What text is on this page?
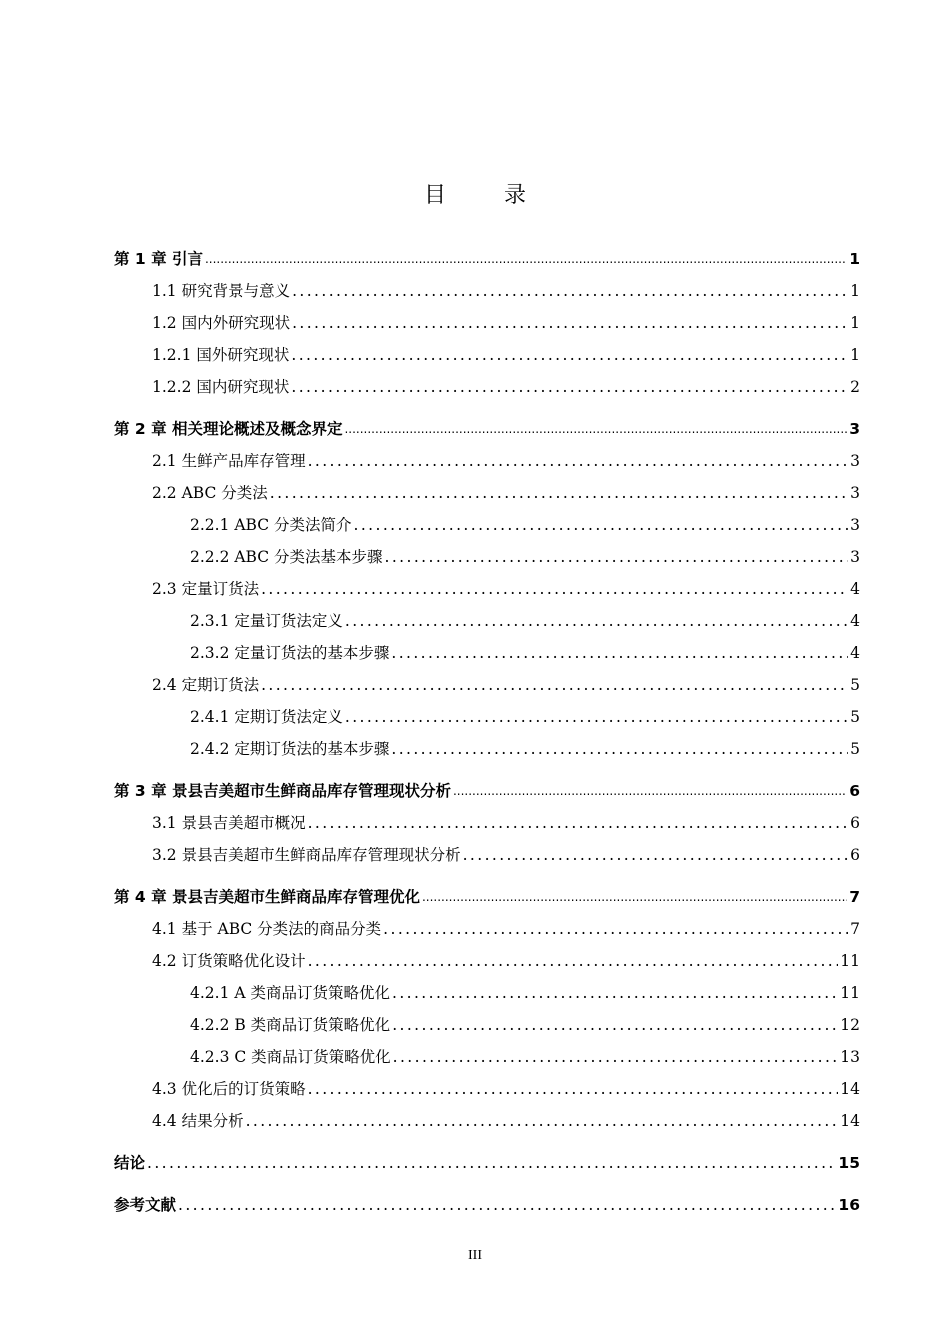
目　录
第 1 章 引言 .....	1
1.1 研究背景与意义 .....	1
1.2 国内外研究现状 .....	1
1.2.1 国外研究现状 .....	1
1.2.2 国内研究现状 .....	2
第 2 章 相关理论概述及概念界定 .....	3
2.1 生鲜产品库存管理 .....	3
2.2 ABC 分类法 .....	3
2.2.1 ABC 分类法简介 .....	3
2.2.2 ABC 分类法基本步骤 .....	3
2.3 定量订货法 .....	4
2.3.1 定量订货法定义 .....	4
2.3.2 定量订货法的基本步骤 .....	4
2.4 定期订货法 .....	5
2.4.1 定期订货法定义 .....	5
2.4.2 定期订货法的基本步骤 .....	5
第 3 章 景县吉美超市生鲜商品库存管理现状分析 .....	6
3.1 景县吉美超市概况 .....	6
3.2 景县吉美超市生鲜商品库存管理现状分析 .....	6
第 4 章 景县吉美超市生鲜商品库存管理优化 .....	7
4.1 基于 ABC 分类法的商品分类 .....	7
4.2 订货策略优化设计 .....	11
4.2.1 A 类商品订货策略优化 .....	11
4.2.2 B 类商品订货策略优化 .....	12
4.2.3 C 类商品订货策略优化 .....	13
4.3 优化后的订货策略 .....	14
4.4 结果分析 .....	14
结论 .....	15
参考文献 .....	16
III
